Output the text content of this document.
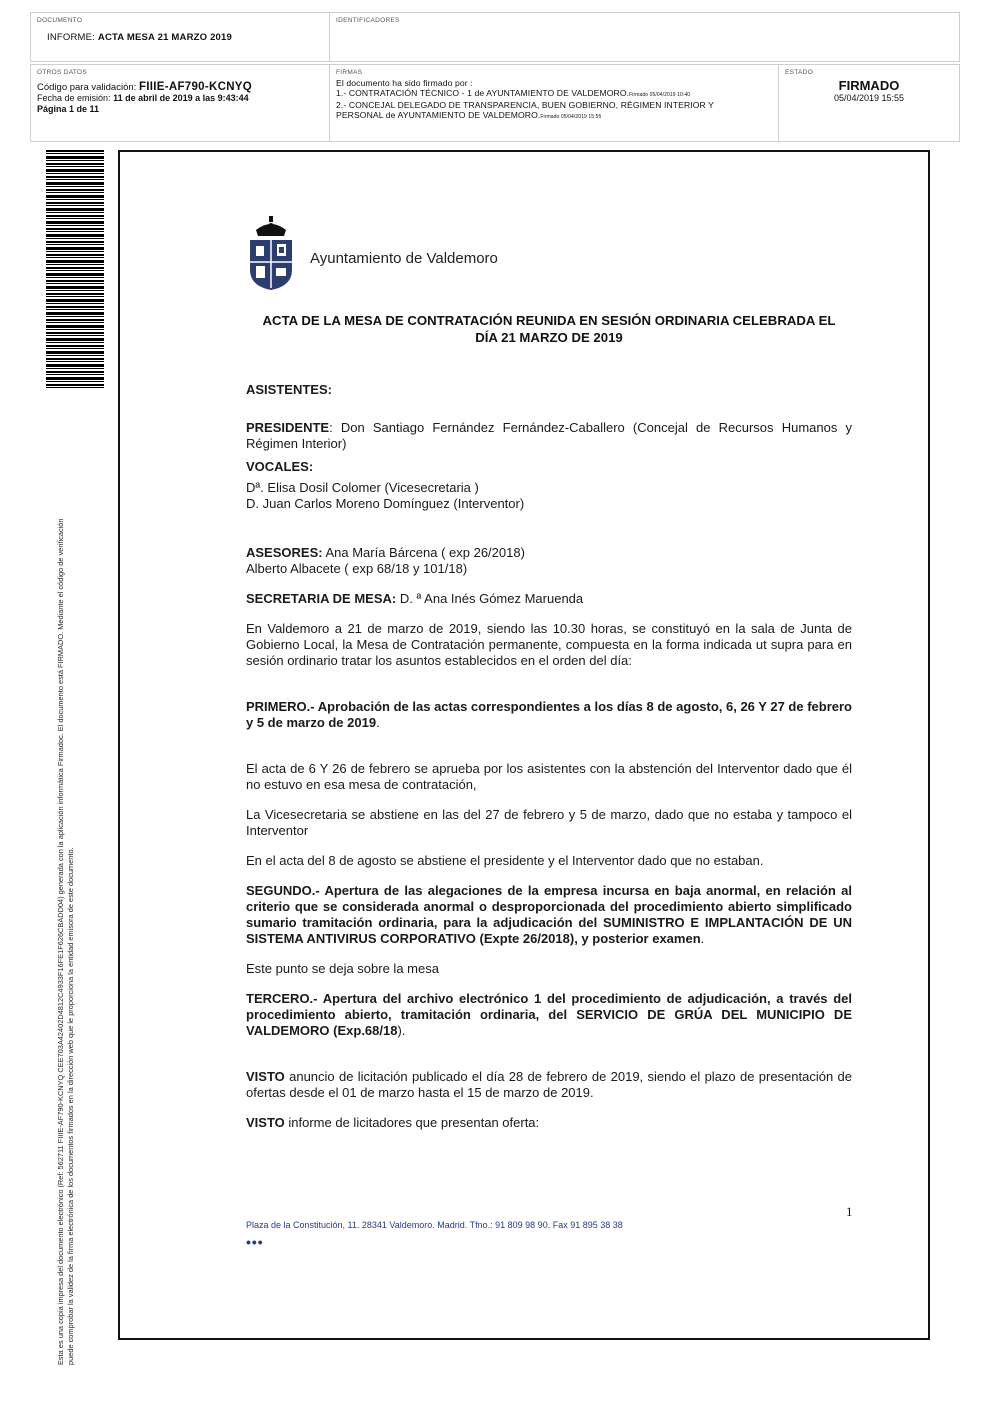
DOCUMENTO
INFORME: ACTA MESA 21 MARZO 2019
IDENTIFICADORES
OTROS DATOS
Código para validación: FIIIE-AF790-KCNYQ
Fecha de emisión: 11 de abril de 2019 a las 9:43:44
Página 1 de 11
FIRMAS
El documento ha sido firmado por :
1.- CONTRATACIÓN TÉCNICO - 1 de AYUNTAMIENTO DE VALDEMORO.Firmado 05/04/2019 10:40
2.- CONCEJAL DELEGADO DE TRANSPARENCIA, BUEN GOBIERNO, RÉGIMEN INTERIOR Y
PERSONAL de AYUNTAMIENTO DE VALDEMORO.Firmado 05/04/2019 15:55
ESTADO
FIRMADO
05/04/2019 15:55
Esta es una copia impresa del documento electrónico (Ref: 562711 FIIIE-AF790-KCNYQ CEE703A42402D4812C4933F16FE1F626CBADD04) generada con la aplicación informática Firmadoc. El documento está FIRMADO. Mediante el código de verificación puede comprobar la validez de la firma electrónica de los documentos firmados en la dirección web que le proporciona la entidad emisora de este documento.
Ayuntamiento de Valdemoro
ACTA DE LA MESA DE CONTRATACIÓN REUNIDA EN SESIÓN ORDINARIA CELEBRADA EL
DÍA 21 MARZO DE 2019

ASISTENTES:

PRESIDENTE: Don Santiago Fernández Fernández-Caballero (Concejal de Recursos Humanos y Régimen Interior)

VOCALES:

Dª. Elisa Dosil Colomer (Vicesecretaria )

D. Juan Carlos Moreno Domínguez (Interventor)

ASESORES: Ana María Bárcena ( exp 26/2018)

Alberto Albacete ( exp 68/18 y 101/18)

SECRETARIA DE MESA: D. ª Ana Inés Gómez Maruenda

En Valdemoro a 21 de marzo de 2019, siendo las 10.30 horas, se constituyó en la sala de Junta de Gobierno Local, la Mesa de Contratación permanente, compuesta en la forma indicada ut supra para en sesión ordinario tratar los asuntos establecidos en el orden del día:

PRIMERO.- Aprobación de las actas correspondientes a los días 8 de agosto, 6, 26 Y 27 de febrero y 5 de marzo de 2019.

El acta de 6 Y 26 de febrero se aprueba por los asistentes con la abstención del Interventor dado que él no estuvo en esa mesa de contratación,

La Vicesecretaria se abstiene en las del 27 de febrero y 5 de marzo, dado que no estaba y tampoco el Interventor

En el acta del 8 de agosto se abstiene el presidente y el Interventor dado que no estaban.

SEGUNDO.- Apertura de las alegaciones de la empresa incursa en baja anormal, en relación al criterio que se considerada anormal o desproporcionada del procedimiento abierto simplificado sumario tramitación ordinaria, para la adjudicación del SUMINISTRO E IMPLANTACIÓN DE UN SISTEMA ANTIVIRUS CORPORATIVO (Expte 26/2018), y posterior examen.

Este punto se deja sobre la mesa

TERCERO.- Apertura del archivo electrónico 1 del procedimiento de adjudicación, a través del procedimiento abierto, tramitación ordinaria, del SERVICIO DE GRÚA DEL MUNICIPIO DE VALDEMORO (Exp.68/18).

VISTO anuncio de licitación publicado el día 28 de febrero de 2019, siendo el plazo de presentación de ofertas desde el 01 de marzo hasta el 15 de marzo de 2019.

VISTO informe de licitadores que presentan oferta:

1
Plaza de la Constitución, 11. 28341 Valdemoro. Madrid. Tfno.: 91 809 98 90. Fax 91 895 38 38
•••
